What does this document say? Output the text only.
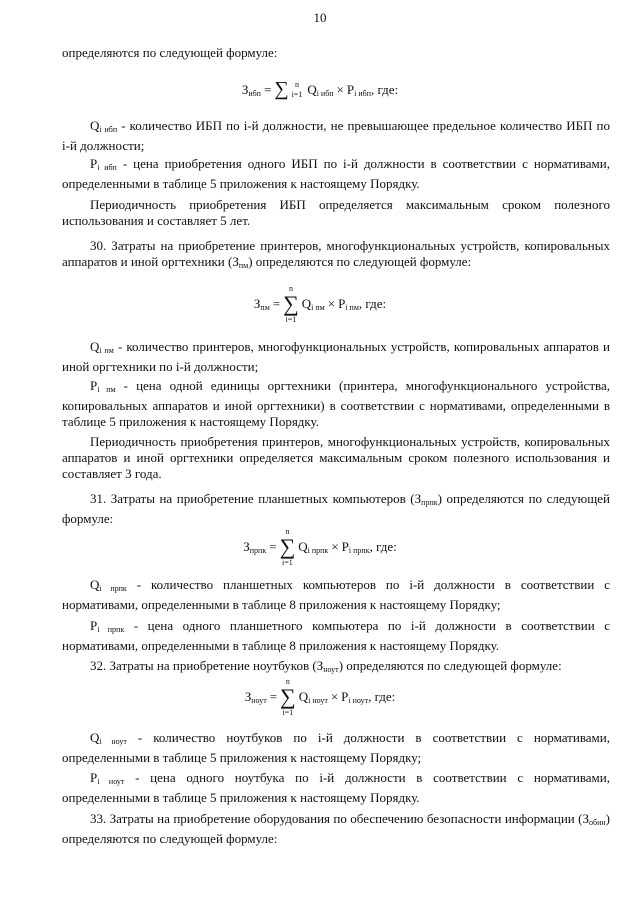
10

определяются по следующей формуле:

$З_{ибп}$ = ∑ n
i=1 $Q_{i ибп} \times P_{i ибп}$, где:

$Q_{i ибп}$ - количество ИБП по i-й должности, не превышающее предельное количество ИБП по i-й должности;

$P_{i ибп}$ - цена приобретения одного ИБП по i-й должности в соответствии с нормативами, определенными в таблице 5 приложения к настоящему Порядку.

Периодичность приобретения ИБП определяется максимальным сроком полезного использования и составляет 5 лет.

30. Затраты на приобретение принтеров, многофункциональных устройств, копировальных аппаратов и иной оргтехники $(З_{пм})$ определяются по следующей формуле:

$З_{пм}$ =
n
∑
i=1
$Q_{i пм} \times P_{i пм}$, где:

$Q_{i пм}$ - количество принтеров, многофункциональных устройств, копировальных аппаратов и иной оргтехники по i-й должности;

$P_{i пм}$ - цена одной единицы оргтехники (принтера, многофункционального устройства, копировальных аппаратов и иной оргтехники) в соответствии с нормативами, определенными в таблице 5 приложения к настоящему Порядку.

Периодичность приобретения принтеров, многофункциональных устройств, копировальных аппаратов и иной оргтехники определяется максимальным сроком полезного использования и составляет 3 года.

31. Затраты на приобретение планшетных компьютеров $(З_{прпк})$ определяются по следующей формуле:

$З_{прпк}$ =
n
∑
i=1
$Q_{i прпк} \times P_{i прпк}$, где:

$Q_{i прпк}$ - количество планшетных компьютеров по i-й должности в соответствии с нормативами, определенными в таблице 8 приложения к настоящему Порядку;

$P_{i прпк}$ - цена одного планшетного компьютера по i-й должности в соответствии с нормативами, определенными в таблице 8 приложения к настоящему Порядку.

32. Затраты на приобретение ноутбуков $(З_{ноут})$ определяются по следующей формуле:

$З_{ноут}$ =
n
∑
i=1
$Q_{i ноут} \times P_{i ноут}$, где:

$Q_{i ноут}$ - количество ноутбуков по i-й должности в соответствии с нормативами, определенными в таблице 5 приложения к настоящему Порядку;

$P_{i ноут}$ - цена одного ноутбука по i-й должности в соответствии с нормативами, определенными в таблице 5 приложения к настоящему Порядку.

33. Затраты на приобретение оборудования по обеспечению безопасности информации $(З_{обин})$ определяются по следующей формуле:
